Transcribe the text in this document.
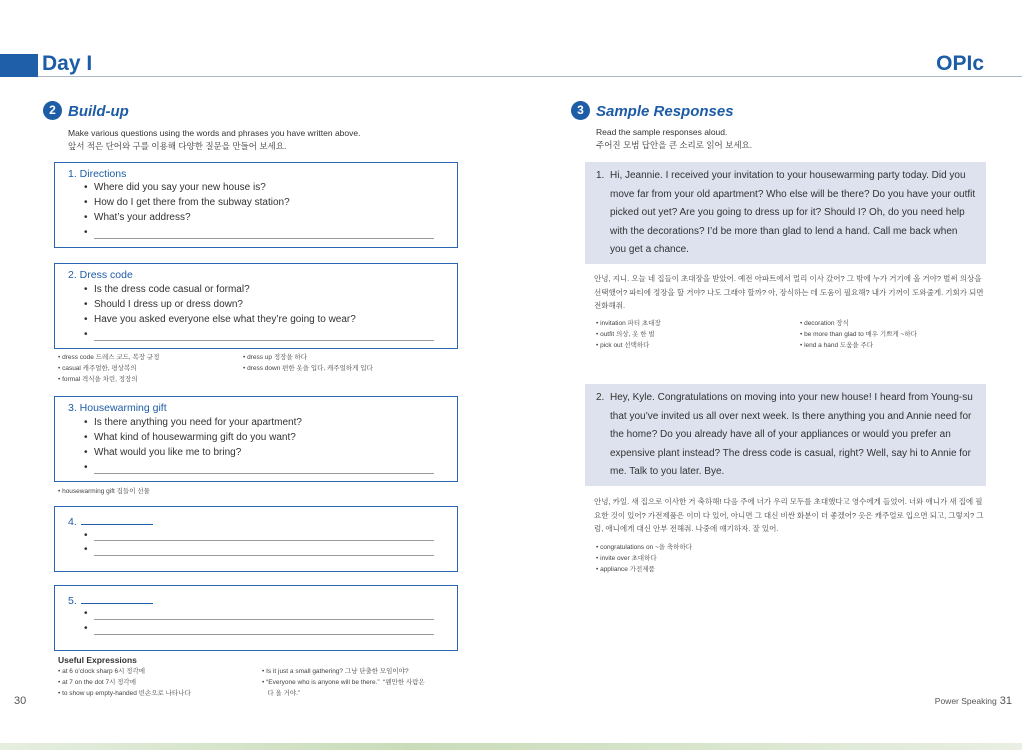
Day I	OPIc
2 Build-up
Make various questions using the words and phrases you have written above.
앞서 적은 단어와 구를 이용해 다양한 질문을 만들어 보세요.
1. Directions
• Where did you say your new house is?
• How do I get there from the subway station?
• What’s your address?
•
2. Dress code
• Is the dress code casual or formal?
• Should I dress up or dress down?
• Have you asked everyone else what they’re going to wear?
•
• dress code 드레스 코드, 복장 규정
• casual 캐주얼한, 평상복의
• formal 격식을 차린, 정장의
• dress up 정장을 하다
• dress down 편한 옷을 입다, 캐주얼하게 입다
3. Housewarming gift
• Is there anything you need for your apartment?
• What kind of housewarming gift do you want?
• What would you like me to bring?
•
• housewarming gift 집들이 선물
4.
•
•
5.
•
•
Useful Expressions
• at 6 o’clock sharp 6시 정각에
• at 7 on the dot 7시 정각에
• to show up empty-handed 빈손으로 나타나다
• Is it just a small gathering? 그냥 단출한 모임이야?
• “Everyone who is anyone will be there.”  “웬만한 사람은
다 올 거야.”
3 Sample Responses
Read the sample responses aloud.
주어진 모범 답안을 큰 소리로 읽어 보세요.
1. Hi, Jeannie. I received your invitation to your housewarming party today. Did you
move far from your old apartment? Who else will be there? Do you have your outfit
picked out yet? Are you going to dress up for it? Should I? Oh, do you need help
with the decorations? I’d be more than glad to lend a hand. Call me back when
you get a chance.
안녕, 지니. 오늘 네 집들이 초대장을 받았어. 예전 아파트에서 멀리 이사 갔어? 그 밖에 누가 거기에 올 거야? 벌써 의상을
선택했어? 파티에 정장을 할 거야? 나도 그래야 할까? 아, 장식하는 데 도움이 필요해? 내가 기꺼이 도와줄게. 기회가 되면
전화해줘.
• invitation 파티 초대장
• outfit 의상, 옷 한 벌
• pick out 선택하다
• decoration 장식
• be more than glad to 매우 기쁘게 ~하다
• lend a hand 도움을 주다
2. Hey, Kyle. Congratulations on moving into your new house! I heard from Young-su
that you’ve invited us all over next week. Is there anything you and Annie need for
the home? Do you already have all of your appliances or would you prefer an
expensive plant instead? The dress code is casual, right? Well, say hi to Annie for
me. Talk to you later. Bye.
안녕, 카일. 새 집으로 이사한 거 축하해! 다음 주에 너가 우리 모두를 초대했다고 영수에게 들었어. 너와 애니가 새 집에 필
요한 것이 있어? 가전제품은 이미 다 있어, 아니면 그 대신 비싼 화분이 더 좋겠어? 옷은 캐주얼로 입으면 되고, 그렇지? 그
럼, 애니에게 대신 안부 전해줘. 나중에 얘기하자. 잘 있어.
• congratulations on ~을 축하하다
• invite over 초대하다
• appliance 가전제품
30	Power Speaking 31
